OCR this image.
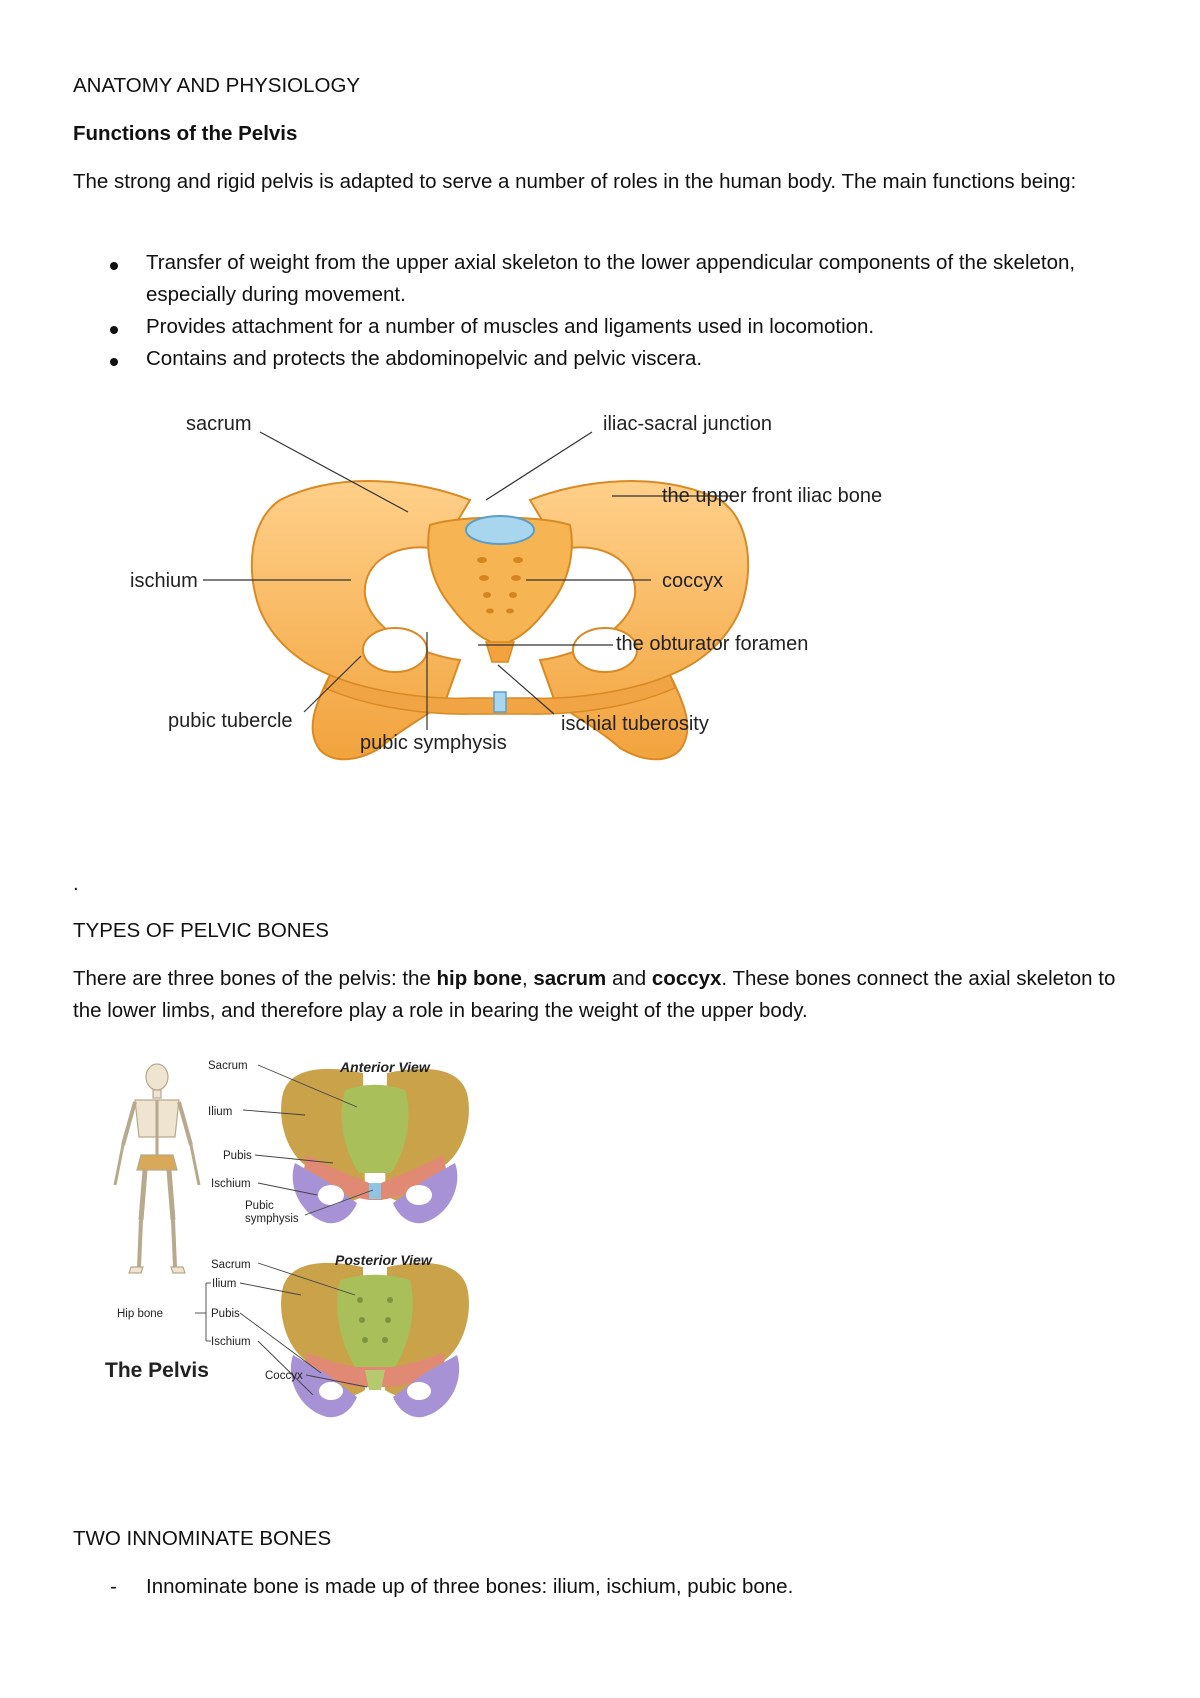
ANATOMY AND PHYSIOLOGY
Functions of the Pelvis
The strong and rigid pelvis is adapted to serve a number of roles in the human body. The main functions being:
Transfer of weight from the upper axial skeleton to the lower appendicular components of the skeleton, especially during movement.
Provides attachment for a number of muscles and ligaments used in locomotion.
Contains and protects the abdominopelvic and pelvic viscera.
sacrum	iliac-sacral junction
the upper front iliac bone
ischium	coccyx
the obturator foramen
pubic tubercle
pubic symphysis
ischial tuberosity
.
TYPES OF PELVIC BONES

There are three bones of the pelvis: the hip bone, sacrum and coccyx. These bones connect the axial skeleton to the lower limbs, and therefore play a role in bearing the weight of the upper body.

Anterior View
Sacrum
Ilium
Pubis
Ischium
Pubic
symphysis
Posterior View
Sacrum
Hip bone
Ilium
Pubis
Ischium
Coccyx
The Pelvis
TWO INNOMINATE BONES
- Innominate bone is made up of three bones: ilium, ischium, pubic bone.
